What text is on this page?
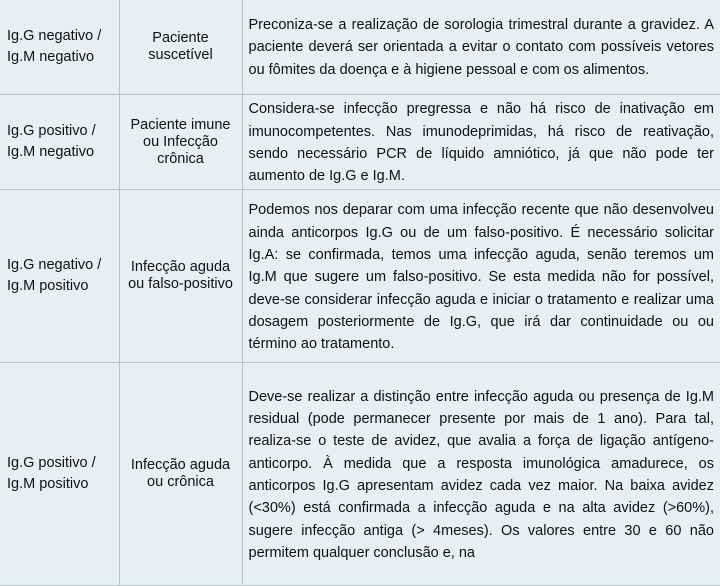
Ig.G negativo /
Ig.M negativo	Paciente suscetível	Preconiza-se a realização de sorologia trimestral durante a gravidez. A paciente deverá ser orientada a evitar o contato com possíveis vetores ou fômites da doença e à higiene pessoal e com os alimentos.

Ig.G positivo /
Ig.M negativo	Paciente imune ou Infecção crônica	Considera-se infecção pregressa e não há risco de inativação em imunocompetentes. Nas imunodeprimidas, há risco de reativação, sendo necessário PCR de líquido amniótico, já que não pode ter aumento de Ig.G e Ig.M.

Ig.G negativo /
Ig.M positivo	Infecção aguda ou falso-positivo	Podemos nos deparar com uma infecção recente que não desenvolveu ainda anticorpos Ig.G ou de um falso-positivo. É necessário solicitar Ig.A: se confirmada, temos uma infecção aguda, senão teremos um Ig.M que sugere um falso-positivo. Se esta medida não for possível, deve-se considerar infecção aguda e iniciar o tratamento e realizar uma dosagem posteriormente de Ig.G, que irá dar continuidade ou ou término ao tratamento.

Ig.G positivo /
Ig.M positivo	Infecção aguda ou crônica	Deve-se realizar a distinção entre infecção aguda ou presença de Ig.M residual (pode permanecer presente por mais de 1 ano). Para tal, realiza-se o teste de avidez, que avalia a força de ligação antígeno-anticorpo. À medida que a resposta imunológica amadurece, os anticorpos Ig.G apresentam avidez cada vez maior. Na baixa avidez (<30%) está confirmada a infecção aguda e na alta avidez (>60%), sugere infecção antiga (> 4meses). Os valores entre 30 e 60 não permitem qualquer conclusão e, na
